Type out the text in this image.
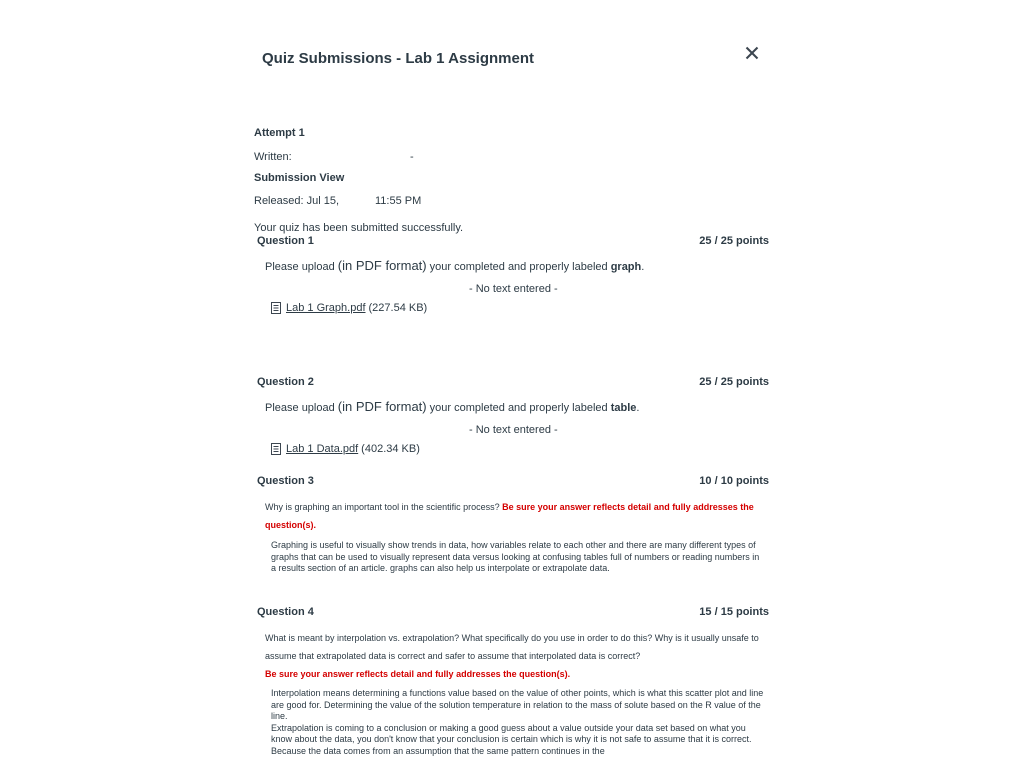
Quiz Submissions - Lab 1 Assignment
Attempt 1
Written:	-
Submission View
Released: Jul 15,	11:55 PM
Your quiz has been submitted successfully.
Question 1	25 / 25 points
Please upload (in PDF format) your completed and properly labeled graph.
- No text entered -
Lab 1 Graph.pdf (227.54 KB)
Question 2	25 / 25 points
Please upload (in PDF format) your completed and properly labeled table.
- No text entered -
Lab 1 Data.pdf (402.34 KB)
Question 3	10 / 10 points
Why is graphing an important tool in the scientific process? Be sure your answer reflects detail and fully addresses the question(s).
Graphing is useful to visually show trends in data, how variables relate to each other and there are many different types of graphs that can be used to visually represent data versus looking at confusing tables full of numbers or reading numbers in a results section of an article. graphs can also help us interpolate or extrapolate data.
Question 4	15 / 15 points
What is meant by interpolation vs. extrapolation? What specifically do you use in order to do this? Why is it usually unsafe to assume that extrapolated data is correct and safer to assume that interpolated data is correct?
Be sure your answer reflects detail and fully addresses the question(s).
Interpolation means determining a functions value based on the value of other points, which is what this scatter plot and line are good for. Determining the value of the solution temperature in relation to the mass of solute based on the R value of the line.
Extrapolation is coming to a conclusion or making a good guess about a value outside your data set based on what you know about the data, you don't know that your conclusion is certain which is why it is not safe to assume that it is correct. Because the data comes from an assumption that the same pattern continues in the
